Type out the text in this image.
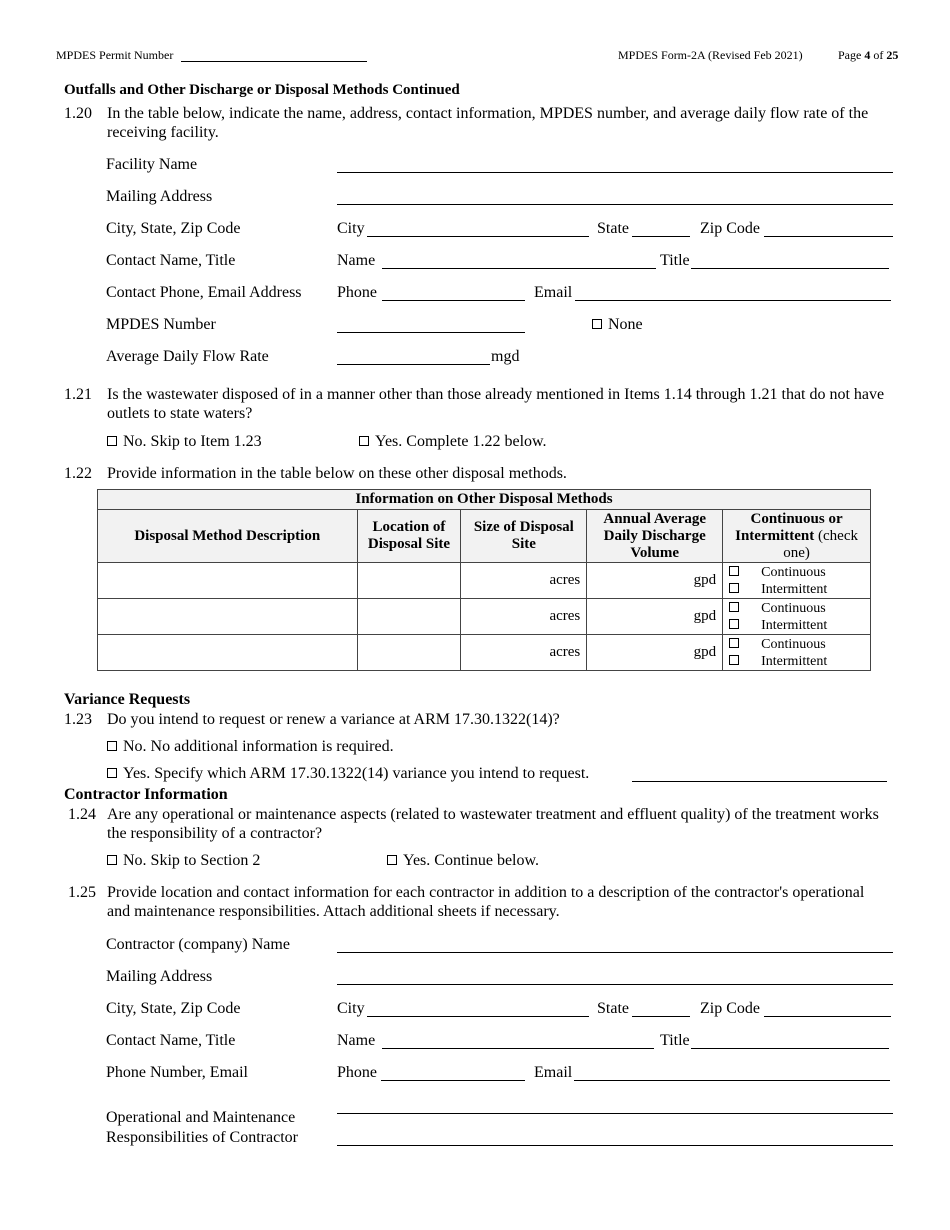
MPDES Permit Number	MPDES Form-2A (Revised Feb 2021)	Page 4 of 25
Outfalls and Other Discharge or Disposal Methods Continued
1.20 In the table below, indicate the name, address, contact information, MPDES number, and average daily flow rate of the receiving facility.
Facility Name
Mailing Address
City, State, Zip Code	City	State	Zip Code
Contact Name, Title	Name	Title
Contact Phone, Email Address Phone	Email
MPDES Number	None
Average Daily Flow Rate	mgd
1.21 Is the wastewater disposed of in a manner other than those already mentioned in Items 1.14 through 1.21 that do not have outlets to state waters?
No. Skip to Item 1.23	Yes. Complete 1.22 below.
1.22 Provide information in the table below on these other disposal methods.
Information on Other Disposal Methods				
Disposal Method Description	Location of Disposal Site	Size of Disposal Site	Annual Average Daily Discharge Volume	Continuous or Intermittent (check one)
		acres	gpd	Continuous
Intermittent

		acres	gpd	Continuous
Intermittent

		acres	gpd	Continuous
Intermittent
Variance Requests
1.23 Do you intend to request or renew a variance at ARM 17.30.1322(14)?
No. No additional information is required.
Yes. Specify which ARM 17.30.1322(14) variance you intend to request.
Contractor Information
1.24 Are any operational or maintenance aspects (related to wastewater treatment and effluent quality) of the treatment works the responsibility of a contractor?
No. Skip to Section 2	Yes. Continue below.
1.25 Provide location and contact information for each contractor in addition to a description of the contractor's operational and maintenance responsibilities. Attach additional sheets if necessary.
Contractor (company) Name
Mailing Address
City, State, Zip Code	City	State	Zip Code
Contact Name, Title	Name	Title
Phone Number, Email	Phone	Email
Operational and Maintenance
Responsibilities of Contractor
